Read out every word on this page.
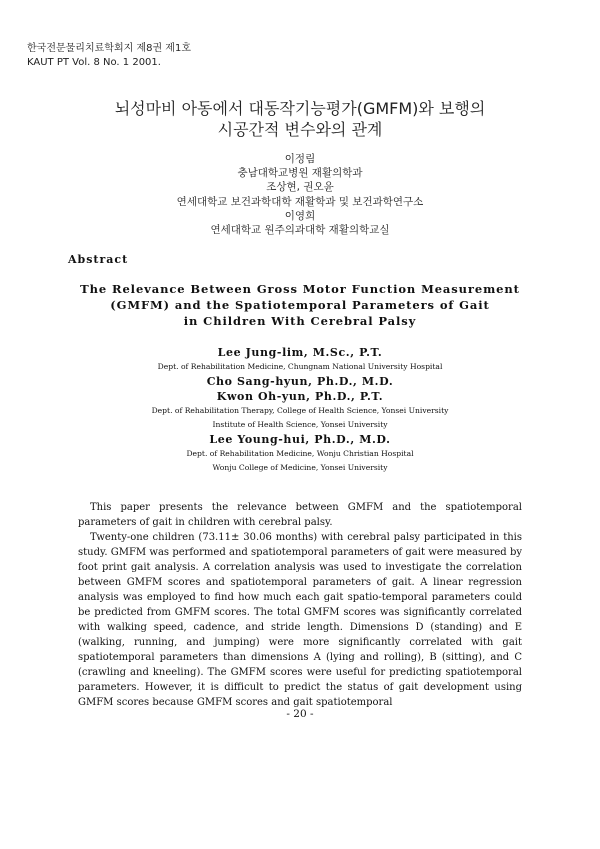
한국전문물리치료학회지 제8권 제1호
KAUT PT Vol. 8 No. 1 2001.
뇌성마비 아동에서 대동작기능평가(GMFM)와 보행의
시공간적 변수와의 관계
이정림
충남대학교병원 재활의학과
조상현, 권오윤
연세대학교 보건과학대학 재활학과 및 보건과학연구소
이영희
연세대학교 원주의과대학 재활의학교실
Abstract
The Relevance Between Gross Motor Function Measurement
(GMFM) and the Spatiotemporal Parameters of Gait
in Children With Cerebral Palsy
Lee Jung-lim, M.Sc., P.T.
Dept. of Rehabilitation Medicine, Chungnam National University Hospital
Cho Sang-hyun, Ph.D., M.D.
Kwon Oh-yun, Ph.D., P.T.
Dept. of Rehabilitation Therapy, College of Health Science, Yonsei University
Institute of Health Science, Yonsei University
Lee Young-hui, Ph.D., M.D.
Dept. of Rehabilitation Medicine, Wonju Christian Hospital
Wonju College of Medicine, Yonsei University

This paper presents the relevance between GMFM and the spatiotemporal parameters of gait in children with cerebral palsy.

Twenty-one children (73.11± 30.06 months) with cerebral palsy participated in this study. GMFM was performed and spatiotemporal parameters of gait were measured by foot print gait analysis. A correlation analysis was used to investigate the correlation between GMFM scores and spatiotemporal parameters of gait. A linear regression analysis was employed to find how much each gait spatio-temporal parameters could be predicted from GMFM scores. The total GMFM scores was significantly correlated with walking speed, cadence, and stride length. Dimensions D (standing) and E (walking, running, and jumping) were more significantly correlated with gait spatiotemporal parameters than dimensions A (lying and rolling), B (sitting), and C (crawling and kneeling). The GMFM scores were useful for predicting spatiotemporal parameters. However, it is difficult to predict the status of gait development using GMFM scores because GMFM scores and gait spatiotemporal

- 20 -
